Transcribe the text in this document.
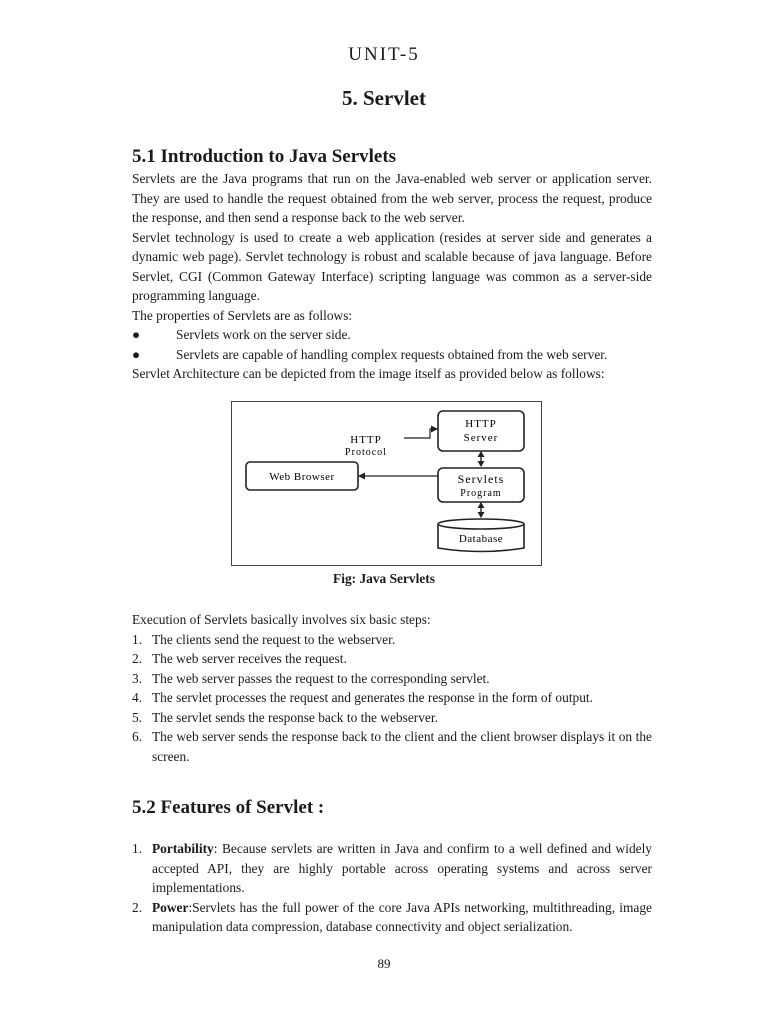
UNIT-5
5. Servlet
5.1 Introduction to Java Servlets

Servlets are the Java programs that run on the Java-enabled web server or application server. They are used to handle the request obtained from the web server, process the request, produce the response, and then send a response back to the web server.

Servlet technology is used to create a web application (resides at server side and generates a dynamic web page). Servlet technology is robust and scalable because of java language. Before Servlet, CGI (Common Gateway Interface) scripting language was common as a server-side programming language.

The properties of Servlets are as follows:

●	Servlets work on the server side.
●	Servlets are capable of handling complex requests obtained from the web server.

Servlet Architecture can be depicted from the image itself as provided below as follows:

HTTP
Server
HTTP
Protocol
Web Browser	Servlets
Program
Database
Fig: Java Servlets
Execution of Servlets basically involves six basic steps:
1. The clients send the request to the webserver.
2. The web server receives the request.
3. The web server passes the request to the corresponding servlet.
4. The servlet processes the request and generates the response in the form of output.
5. The servlet sends the response back to the webserver.
6. The web server sends the response back to the client and the client browser displays it on the screen.
5.2 Features of Servlet :
1. Portability: Because servlets are written in Java and confirm to a well defined and widely accepted API, they are highly portable across operating systems and across server implementations.
2. Power:Servlets has the full power of the core Java APIs networking, multithreading, image manipulation data compression, database connectivity and object serialization.
89
